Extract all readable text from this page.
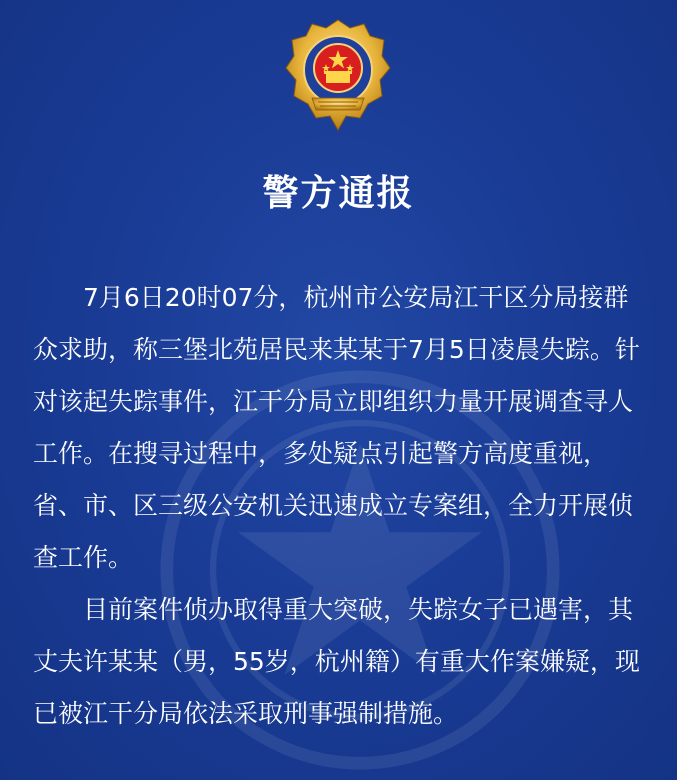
警方通报

7月6日20时07分，杭州市公安局江干区分局接群众求助，称三堡北苑居民来某某于7月5日凌晨失踪。针对该起失踪事件，江干分局立即组织力量开展调查寻人工作。在搜寻过程中，多处疑点引起警方高度重视，省、市、区三级公安机关迅速成立专案组，全力开展侦查工作。

目前案件侦办取得重大突破，失踪女子已遇害，其丈夫许某某（男，55岁，杭州籍）有重大作案嫌疑，现已被江干分局依法采取刑事强制措施。
